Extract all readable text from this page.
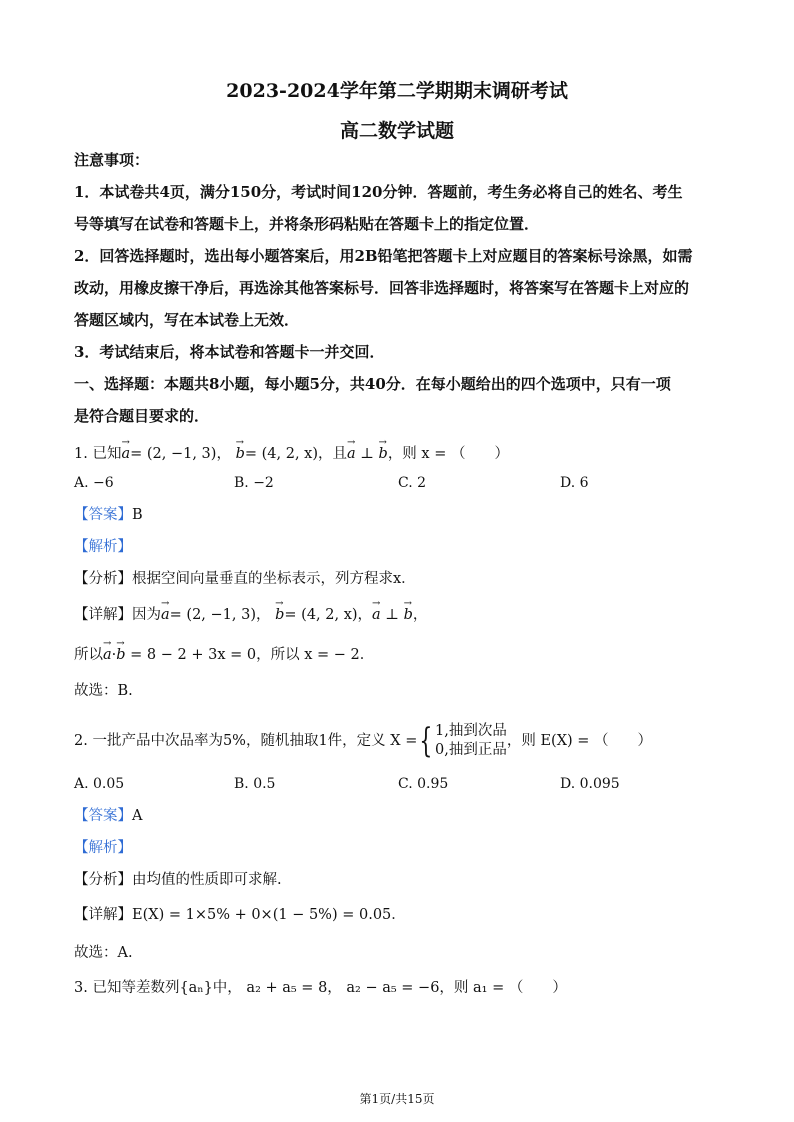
2023-2024学年第二学期期末调研考试
高二数学试题
注意事项：
1．本试卷共4页，满分150分，考试时间120分钟．答题前，考生务必将自己的姓名、考生
号等填写在试卷和答题卡上，并将条形码粘贴在答题卡上的指定位置．
2．回答选择题时，选出每小题答案后，用2B铅笔把答题卡上对应题目的答案标号涂黑，如需
改动，用橡皮擦干净后，再选涂其他答案标号．回答非选择题时，将答案写在答题卡上对应的
答题区域内，写在本试卷上无效．
3．考试结束后，将本试卷和答题卡一并交回．
一、选择题：本题共8小题，每小题5分，共40分．在每小题给出的四个选项中，只有一项
是符合题目要求的．
1. 已知→ a= (2, −1, 3)， → b= (4, 2, x)，且→ a ⊥ → b，则 x = （　　）
A. −6	B. −2	C. 2	D. 6
【答案】B
【解析】
【分析】根据空间向量垂直的坐标表示，列方程求x．
【详解】因为→ a= (2, −1, 3)， → b= (4, 2, x)，→ a ⊥ → b，
所以→ a·→ b = 8 − 2 + 3x = 0，所以 x = − 2．
故选：B.
2. 一批产品中次品率为5%，随机抽取1件，定义 X ={ 1,抽到次品
0,抽到正品，则 E(X) = （　　）
A. 0.05	B. 0.5	C. 0.95	D. 0.095
【答案】A
【解析】
【分析】由均值的性质即可求解.
【详解】E(X) = 1×5% + 0×(1 − 5%) = 0.05．
故选：A.
3. 已知等差数列{aₙ}中， a₂ + a₅ = 8， a₂ − a₅ = −6，则 a₁ = （　　）
第1页/共15页
